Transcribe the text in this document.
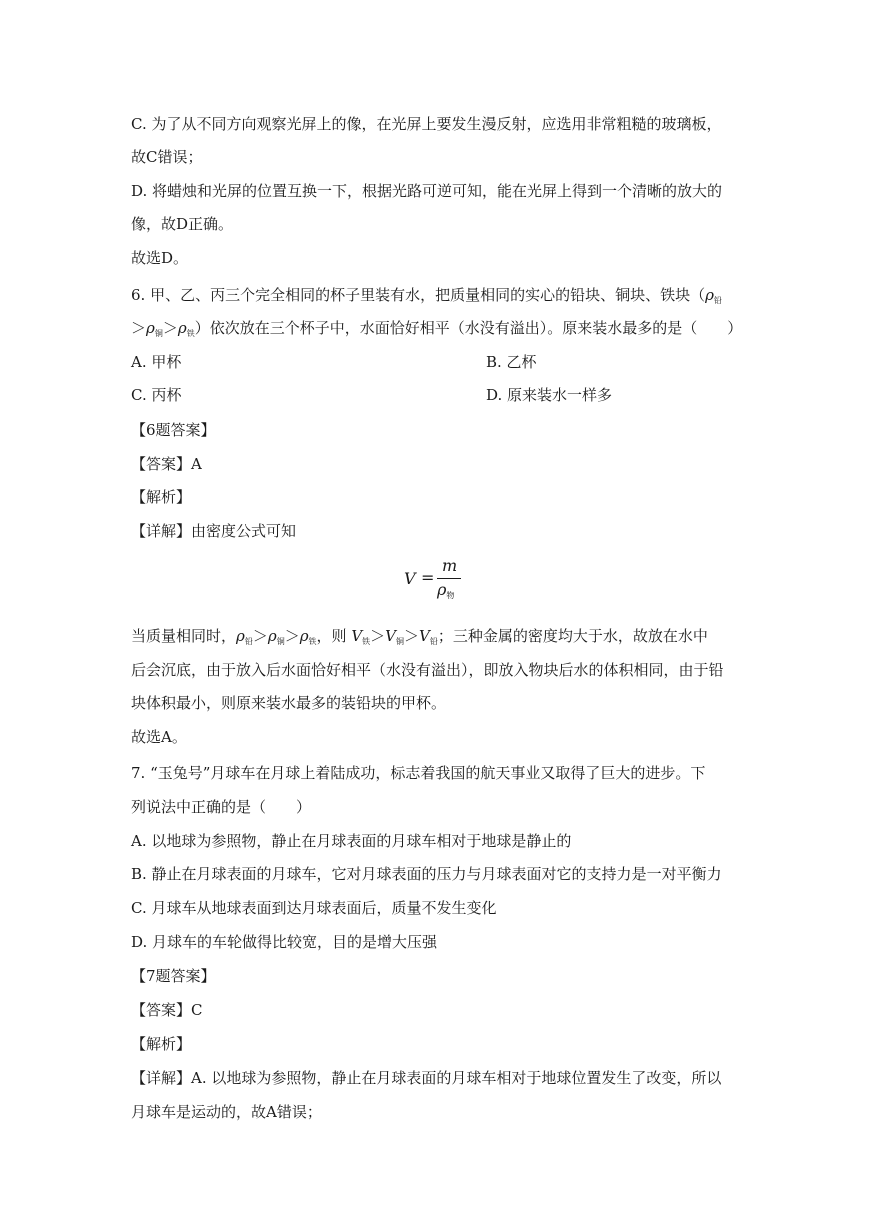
C. 为了从不同方向观察光屏上的像，在光屏上要发生漫反射，应选用非常粗糙的玻璃板，
故C错误；
D. 将蜡烛和光屏的位置互换一下，根据光路可逆可知，能在光屏上得到一个清晰的放大的
像，故D正确。
故选D。
6. 甲、乙、丙三个完全相同的杯子里装有水，把质量相同的实心的铅块、铜块、铁块（$\rho_铅$
$>\rho_铜>\rho_铁$）依次放在三个杯子中，水面恰好相平（水没有溢出）。原来装水最多的是（　　）
A. 甲杯	B. 乙杯
C. 丙杯	D. 原来装水一样多
【6题答案】
【答案】A
【解析】
【详解】由密度公式可知
V =
m
$\rho_物$
当质量相同时，$\rho_铅>\rho_铜>\rho_铁$，则 $V_铁>V_铜>V_铅$；三种金属的密度均大于水，故放在水中
后会沉底，由于放入后水面恰好相平（水没有溢出），即放入物块后水的体积相同，由于铅
块体积最小，则原来装水最多的装铅块的甲杯。
故选A。
7. “玉兔号”月球车在月球上着陆成功，标志着我国的航天事业又取得了巨大的进步。下
列说法中正确的是（　　）
A. 以地球为参照物，静止在月球表面的月球车相对于地球是静止的
B. 静止在月球表面的月球车，它对月球表面的压力与月球表面对它的支持力是一对平衡力
C. 月球车从地球表面到达月球表面后，质量不发生变化
D. 月球车的车轮做得比较宽，目的是增大压强
【7题答案】
【答案】C
【解析】
【详解】A. 以地球为参照物，静止在月球表面的月球车相对于地球位置发生了改变，所以
月球车是运动的，故A错误；
